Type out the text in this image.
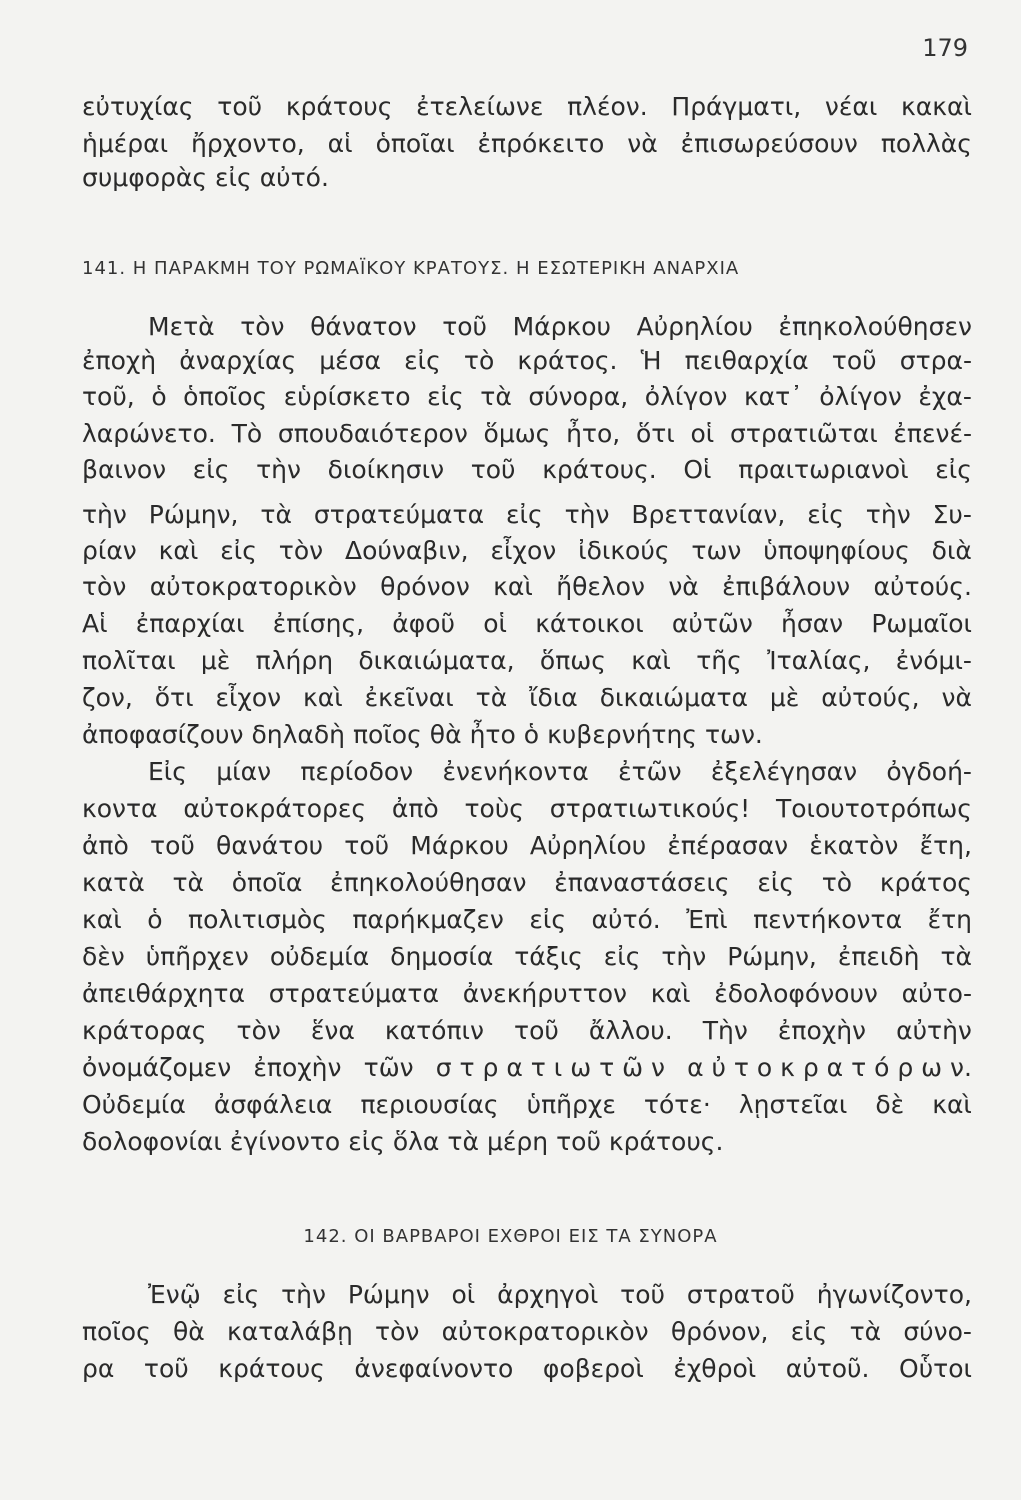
179
εὐτυχίας τοῦ κράτους ἐτελείωνε πλέον. Πράγματι, νέαι κακαὶ
ἡμέραι ἤρχοντο, αἱ ὁποῖαι ἐπρόκειτο νὰ ἐπισωρεύσουν πολλὰς
συμφορὰς εἰς αὐτό.
141. Η ΠΑΡΑΚΜΗ ΤΟΥ ΡΩΜΑΪΚΟΥ ΚΡΑΤΟΥΣ. Η ΕΣΩΤΕΡΙΚΗ ΑΝΑΡΧΙΑ
Μετὰ τὸν θάνατον τοῦ Μάρκου Αὐρηλίου ἐπηκολούθησεν
ἐποχὴ ἀναρχίας μέσα εἰς τὸ κράτος. Ἡ πειθαρχία τοῦ στρα-
τοῦ, ὁ ὁποῖος εὑρίσκετο εἰς τὰ σύνορα, ὀλίγον κατ᾽ ὀλίγον ἐχα-
λαρώνετο. Τὸ σπουδαιότερον ὅμως ἦτο, ὅτι οἱ στρατιῶται ἐπενέ-
βαινον εἰς τὴν διοίκησιν τοῦ κράτους. Οἱ πραιτωριανοὶ εἰς
τὴν Ρώμην, τὰ στρατεύματα εἰς τὴν Βρεττανίαν, εἰς τὴν Συ-
ρίαν καὶ εἰς τὸν Δούναβιν, εἶχον ἰδικούς των ὑποψηφίους διὰ
τὸν αὐτοκρατορικὸν θρόνον καὶ ἤθελον νὰ ἐπιβάλουν αὐτούς.
Αἱ ἐπαρχίαι ἐπίσης, ἀφοῦ οἱ κάτοικοι αὐτῶν ἦσαν Ρωμαῖοι
πολῖται μὲ πλήρη δικαιώματα, ὅπως καὶ τῆς Ἰταλίας, ἐνόμι-
ζον, ὅτι εἶχον καὶ ἐκεῖναι τὰ ἴδια δικαιώματα μὲ αὐτούς, νὰ
ἀποφασίζουν δηλαδὴ ποῖος θὰ ἦτο ὁ κυβερνήτης των.
Εἰς μίαν περίοδον ἐνενήκοντα ἐτῶν ἐξελέγησαν ὀγδοή-
κοντα αὐτοκράτορες ἀπὸ τοὺς στρατιωτικούς! Τοιουτοτρόπως
ἀπὸ τοῦ θανάτου τοῦ Μάρκου Αὐρηλίου ἐπέρασαν ἑκατὸν ἔτη,
κατὰ τὰ ὁποῖα ἐπηκολούθησαν ἐπαναστάσεις εἰς τὸ κράτος
καὶ ὁ πολιτισμὸς παρήκμαζεν εἰς αὐτό. Ἐπὶ πεντήκοντα ἔτη
δὲν ὑπῆρχεν οὐδεμία δημοσία τάξις εἰς τὴν Ρώμην, ἐπειδὴ τὰ
ἀπειθάρχητα στρατεύματα ἀνεκήρυττον καὶ ἐδολοφόνουν αὐτο-
κράτορας τὸν ἕνα κατόπιν τοῦ ἄλλου. Τὴν ἐποχὴν αὐτὴν
ὀνομάζομεν ἐποχὴν τῶν σ τ ρ α τ ι ω τ ῶ ν α ὐ τ ο κ ρ α τ ό ρ ω ν.
Οὐδεμία ἀσφάλεια περιουσίας ὑπῆρχε τότε· λῃστεῖαι δὲ καὶ
δολοφονίαι ἐγίνοντο εἰς ὅλα τὰ μέρη τοῦ κράτους.
142. ΟΙ ΒΑΡΒΑΡΟΙ ΕΧΘΡΟΙ ΕΙΣ ΤΑ ΣΥΝΟΡΑ
Ἐνῷ εἰς τὴν Ρώμην οἱ ἀρχηγοὶ τοῦ στρατοῦ ἠγωνίζοντο,
ποῖος θὰ καταλάβῃ τὸν αὐτοκρατορικὸν θρόνον, εἰς τὰ σύνο-
ρα τοῦ κράτους ἀνεφαίνοντο φοβεροὶ ἐχθροὶ αὐτοῦ. Οὗτοι
